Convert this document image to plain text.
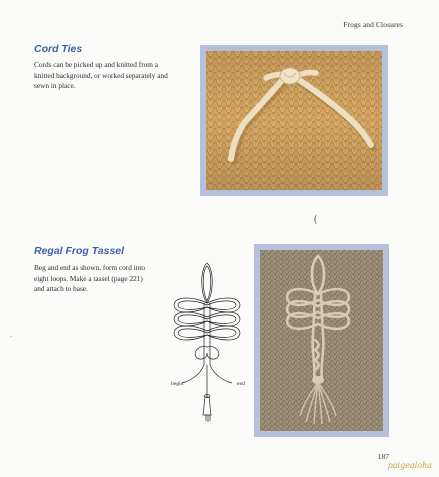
Frogs and Closures
Cord Ties
Cords can be picked up and knitted from a
knitted background, or worked separately and
sewn in place.
(
Regal Frog Tassel
Beg and end as shown, form cord into
eight loops. Make a tassel (page 221)
and attach to base.
begin	end
·
187
paigealoha
